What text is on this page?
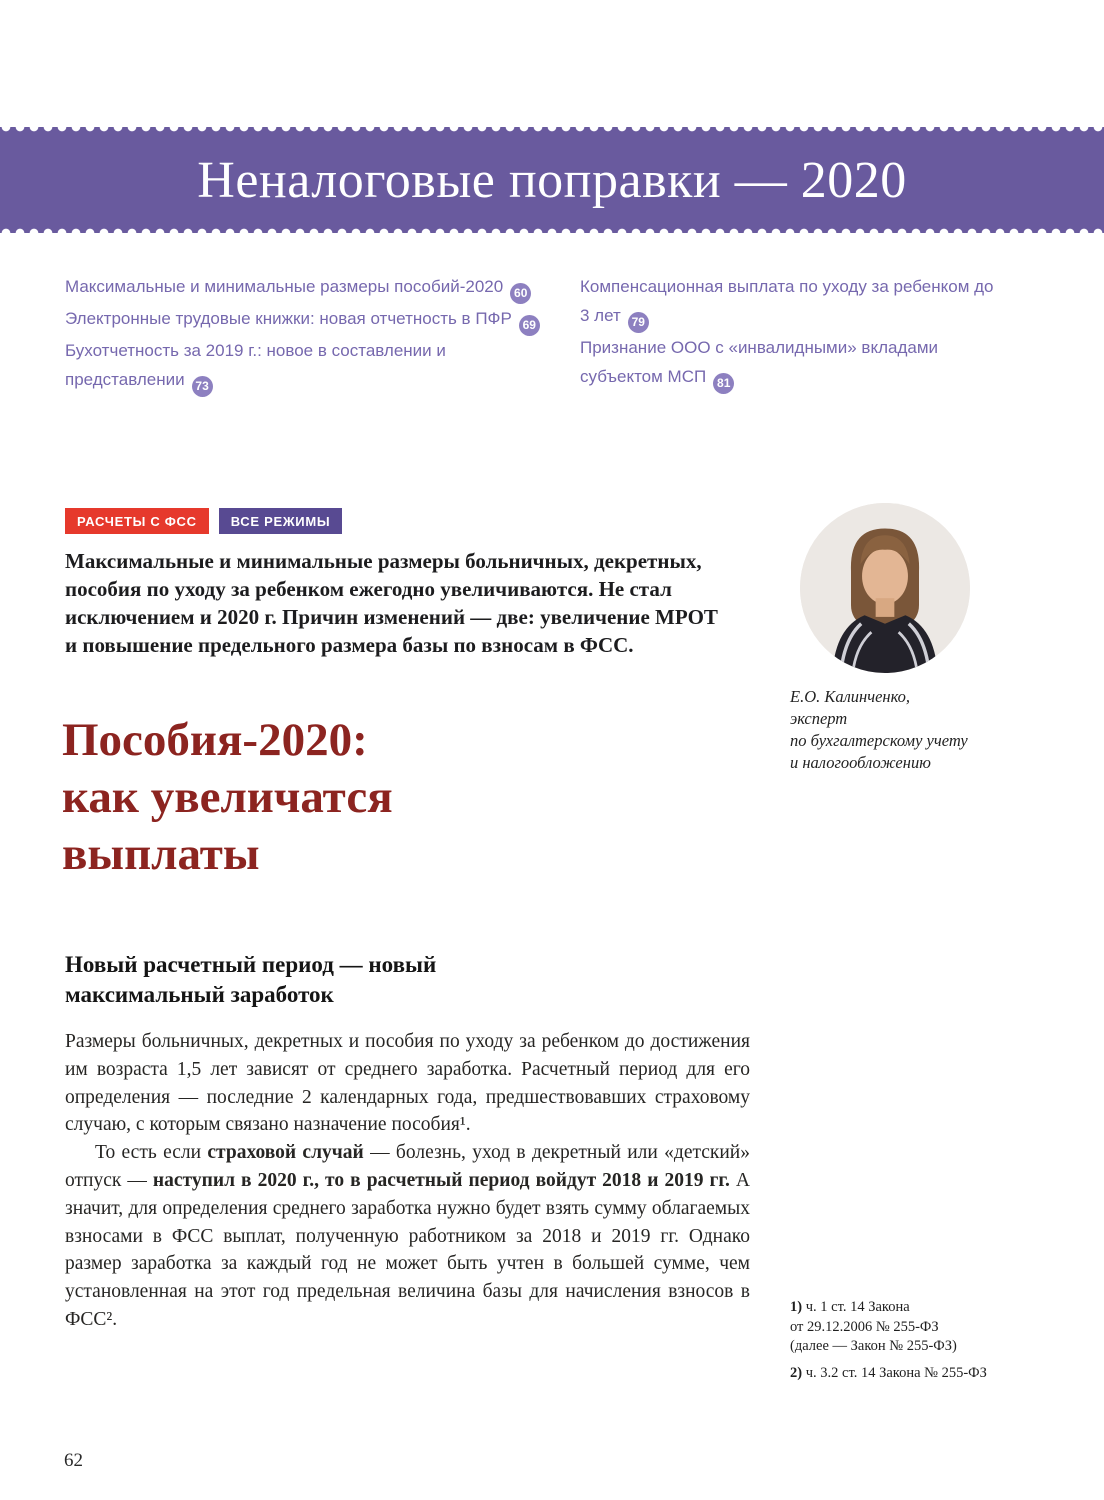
Неналоговые поправки — 2020
Максимальные и минимальные размеры пособий-2020 60
Электронные трудовые книжки: новая отчетность в ПФР 69
Бухотчетность за 2019 г.: новое в составлении и представлении 73
Компенсационная выплата по уходу за ребенком до 3 лет 79
Признание ООО с «инвалидными» вкладами субъектом МСП 81
РАСЧЕТЫ С ФСС	ВСЕ РЕЖИМЫ
Максимальные и минимальные размеры больничных, декретных, пособия по уходу за ребенком ежегодно увеличиваются. Не стал исключением и 2020 г. Причин изменений — две: увеличение МРОТ и повышение предельного размера базы по взносам в ФСС.
Е.О. Калинченко,
эксперт
по бухгалтерскому учету
и налогообложению
Пособия-2020:
как увеличатся
выплаты
Новый расчетный период — новый
максимальный заработок

Размеры больничных, декретных и пособия по уходу за ребенком до достижения им возраста 1,5 лет зависят от среднего заработка. Расчетный период для его определения — последние 2 календарных года, предшествовавших страховому случаю, с которым связано назначение пособия¹.

То есть если страховой случай — болезнь, уход в декретный или «детский» отпуск — наступил в 2020 г., то в расчетный период войдут 2018 и 2019 гг. А значит, для определения среднего заработка нужно будет взять сумму облагаемых взносами в ФСС выплат, полученную работником за 2018 и 2019 гг. Однако размер заработка за каждый год не может быть учтен в большей сумме, чем установленная на этот год предельная величина базы для начисления взносов в ФСС².

1) ч. 1 ст. 14 Закона
от 29.12.2006 № 255-ФЗ
(далее — Закон № 255-ФЗ)
2) ч. 3.2 ст. 14 Закона № 255-ФЗ
62
